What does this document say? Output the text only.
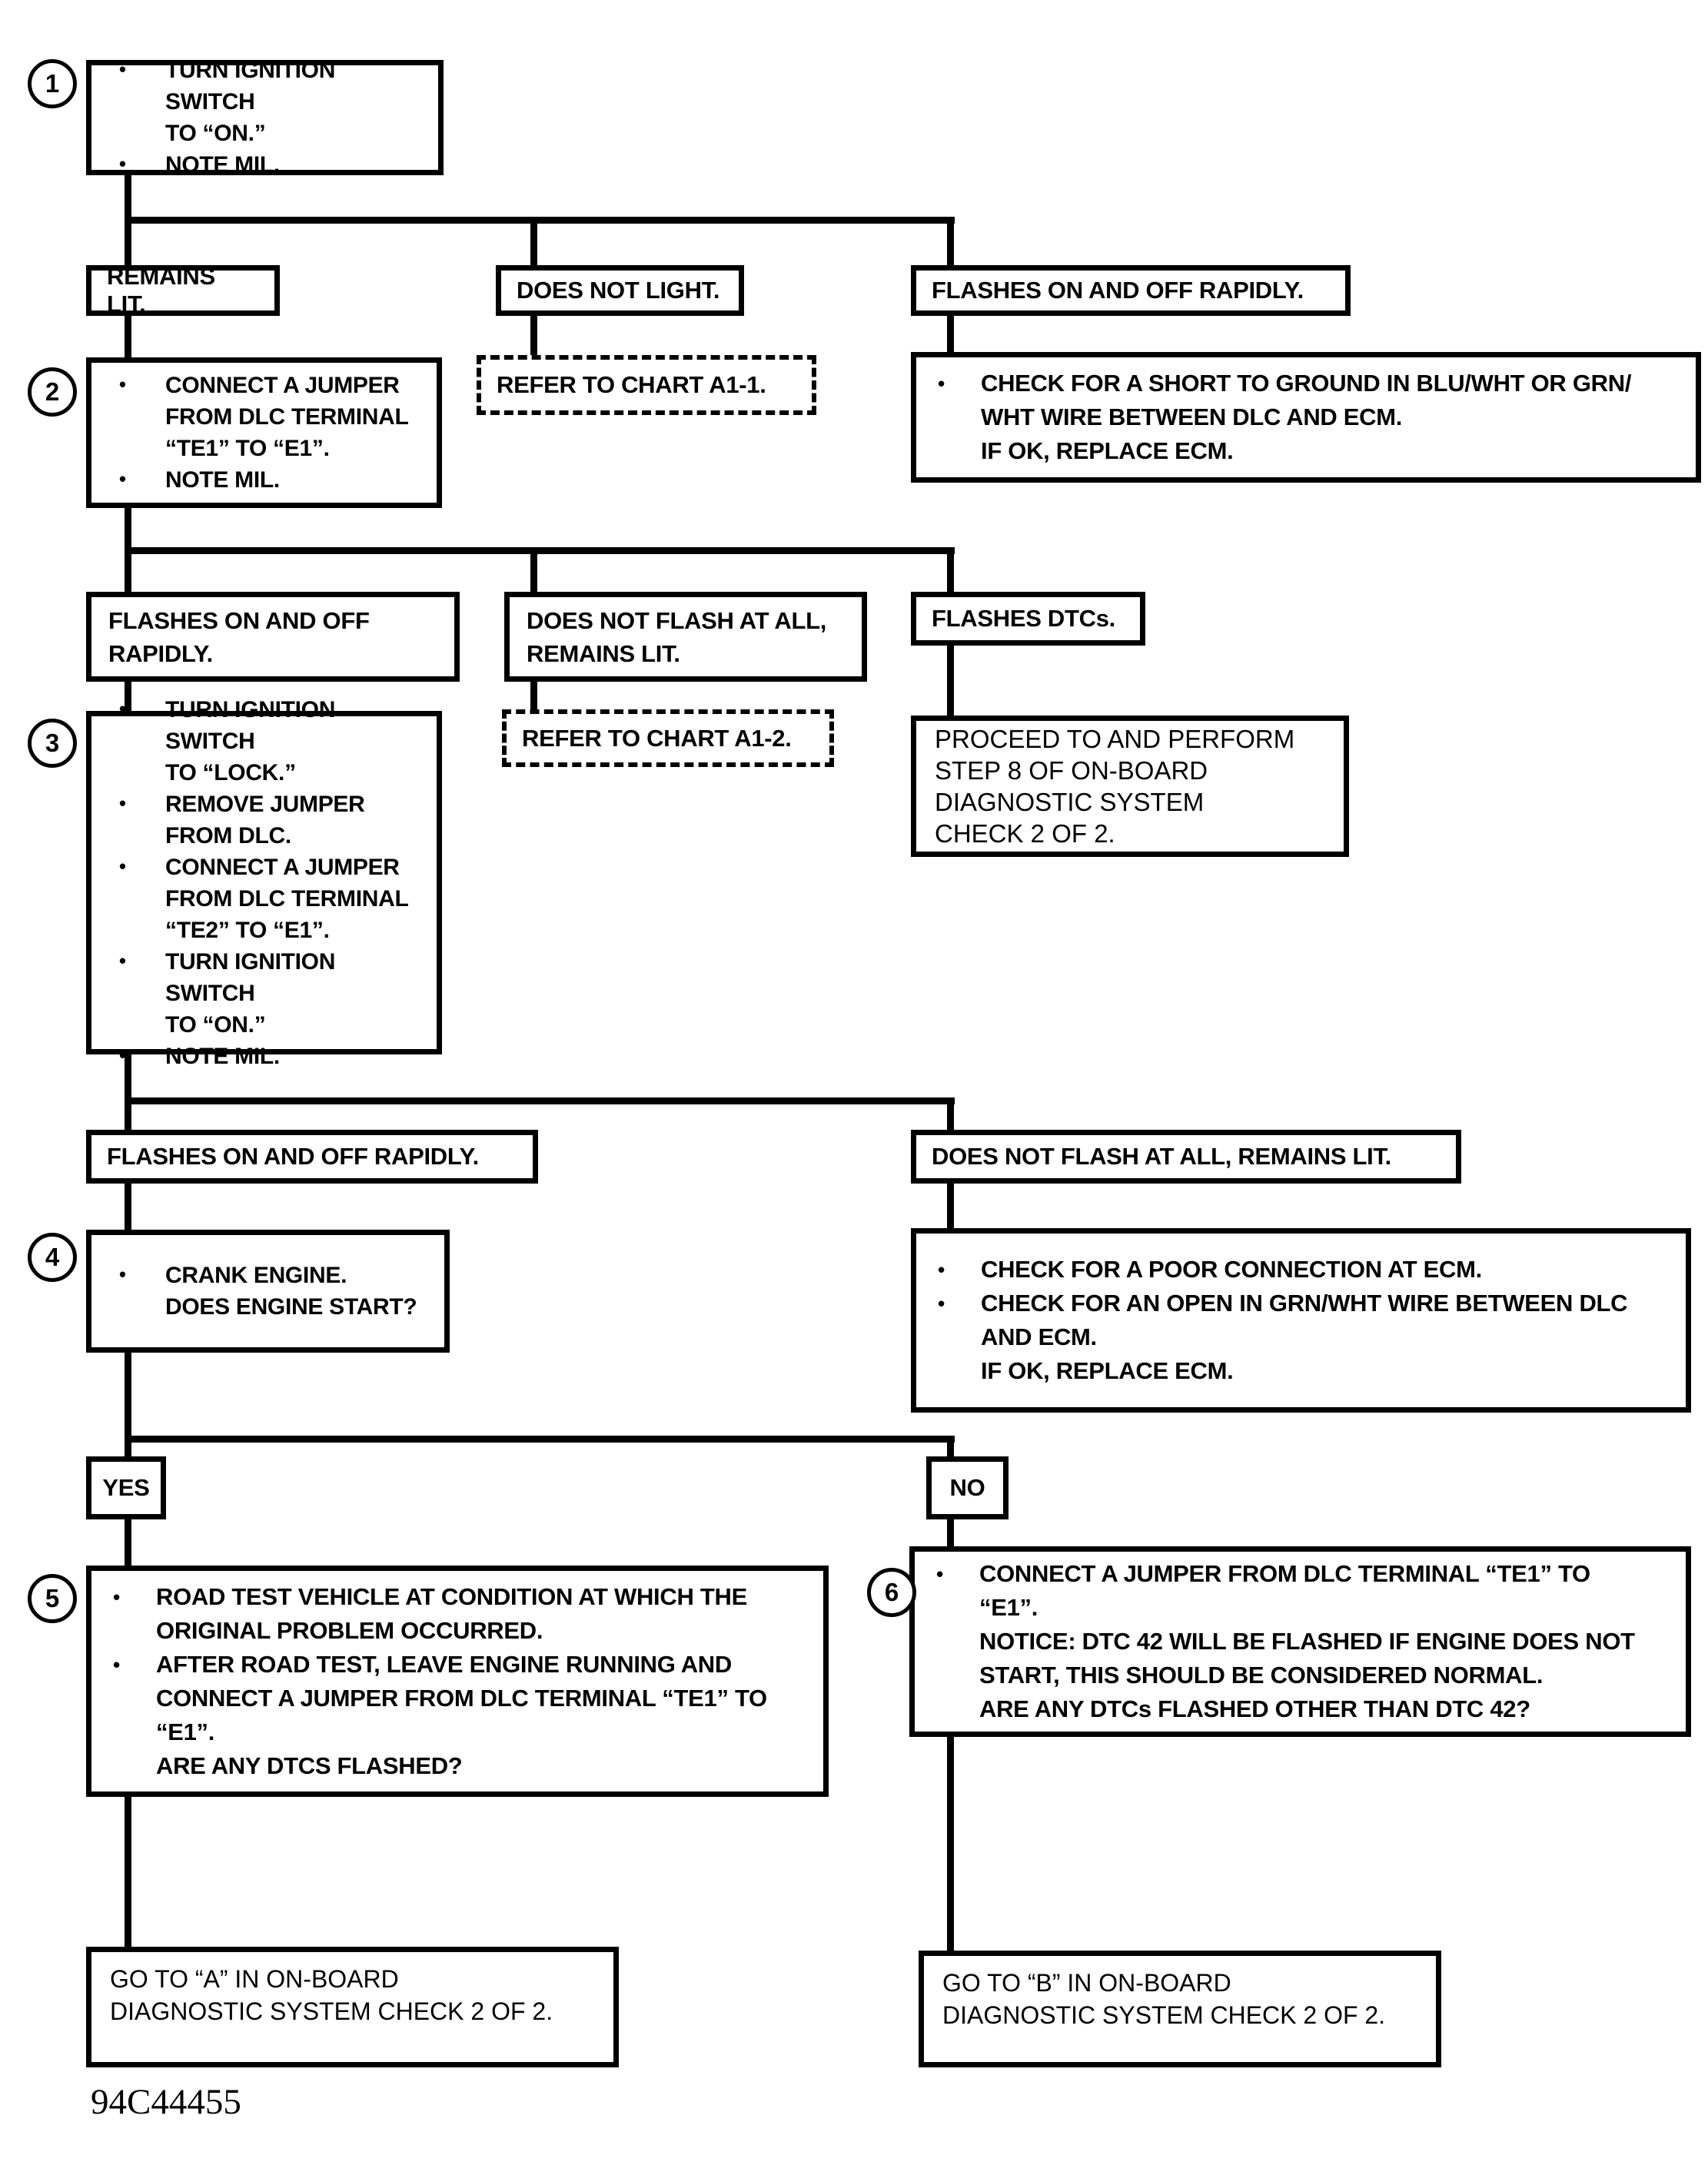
•	TURN IGNITION SWITCH
TO “ON.”
•	NOTE MIL.
REMAINS LIT.
DOES NOT LIGHT.	FLASHES ON AND OFF RAPIDLY.
•	CONNECT A JUMPER
FROM DLC TERMINAL
“TE1” TO “E1”.
•	NOTE MIL.
REFER TO CHART A1-1.	•	CHECK FOR A SHORT TO GROUND IN BLU/WHT OR GRN/
WHT WIRE BETWEEN DLC AND ECM.
IF OK, REPLACE ECM.
FLASHES ON AND OFF
RAPIDLY.
DOES NOT FLASH AT ALL,
REMAINS LIT.
FLASHES DTCs.
•	TURN IGNITION SWITCH
TO “LOCK.”
•	REMOVE JUMPER
FROM DLC.
•	CONNECT A JUMPER
FROM DLC TERMINAL
“TE2” TO “E1”.
•	TURN IGNITION SWITCH
TO “ON.”
•	NOTE MIL.
REFER TO CHART A1-2.	PROCEED TO AND PERFORM
STEP 8 OF ON-BOARD
DIAGNOSTIC SYSTEM
CHECK 2 OF 2.
FLASHES ON AND OFF RAPIDLY.	DOES NOT FLASH AT ALL, REMAINS LIT.
•	CRANK ENGINE.
DOES ENGINE START?
•	CHECK FOR A POOR CONNECTION AT ECM.
•	CHECK FOR AN OPEN IN GRN/WHT WIRE BETWEEN DLC
AND ECM.
IF OK, REPLACE ECM.
YES	NO
•	ROAD TEST VEHICLE AT CONDITION AT WHICH THE
ORIGINAL PROBLEM OCCURRED.
•	AFTER ROAD TEST, LEAVE ENGINE RUNNING AND
CONNECT A JUMPER FROM DLC TERMINAL “TE1” TO
“E1”.
ARE ANY DTCS FLASHED?
•	CONNECT A JUMPER FROM DLC TERMINAL “TE1” TO
“E1”.
NOTICE: DTC 42 WILL BE FLASHED IF ENGINE DOES NOT
START, THIS SHOULD BE CONSIDERED NORMAL.
ARE ANY DTCs FLASHED OTHER THAN DTC 42?
GO TO “A” IN ON-BOARD
DIAGNOSTIC SYSTEM CHECK 2 OF 2.
GO TO “B” IN ON-BOARD
DIAGNOSTIC SYSTEM CHECK 2 OF 2.
1
2
3
4
5	6
94C44455
